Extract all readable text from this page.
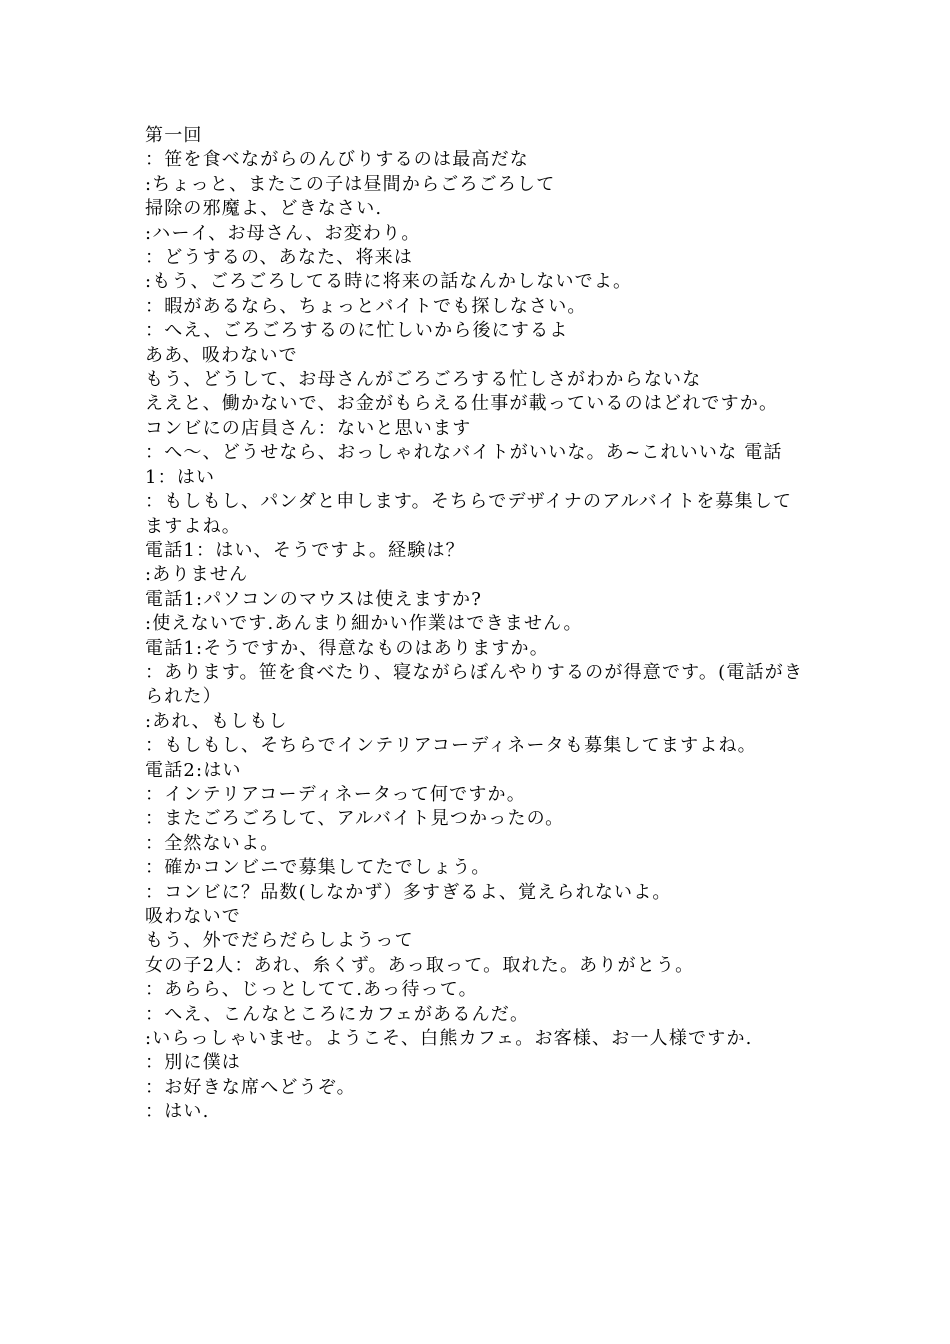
第一回

：笹を食べながらのんびりするのは最高だな

:ちょっと、またこの子は昼間からごろごろして

掃除の邪魔よ、どきなさい.

:ハーイ、お母さん、お変わり。

：どうするの、あなた、将来は

:もう、ごろごろしてる時に将来の話なんかしないでよ。

：暇があるなら、ちょっとバイトでも探しなさい。

：へえ、ごろごろするのに忙しいから後にするよ

ああ、吸わないで

もう、どうして、お母さんがごろごろする忙しさがわからないな

ええと、働かないで、お金がもらえる仕事が載っているのはどれですか。

コンビにの店員さん：ないと思います

：へ～、どうせなら、おっしゃれなバイトがいいな。あ~これいいな 電話1：はい

：もしもし、パンダと申します。そちらでデザイナのアルバイトを募集してますよね。

電話1：はい、そうですよ。経験は？

:ありません

電話1:パソコンのマウスは使えますか?

:使えないです.あんまり細かい作業はできません。

電話1:そうですか、得意なものはありますか。

：あります。笹を食べたり、寝ながらぼんやりするのが得意です。(電話がきられた）

:あれ、もしもし

：もしもし、そちらでインテリアコーディネータも募集してますよね。

電話2:はい

：インテリアコーディネータって何ですか。

：またごろごろして、アルバイト見つかったの。

：全然ないよ。

：確かコンビニで募集してたでしょう。

：コンビに？品数(しなかず）多すぎるよ、覚えられないよ。

吸わないで

もう、外でだらだらしようって

女の子2人：あれ、糸くず。あっ取って。取れた。ありがとう。

：あらら、じっとしてて.あっ待って。

：へえ、こんなところにカフェがあるんだ。

:いらっしゃいませ。ようこそ、白熊カフェ。お客様、お一人様ですか.

：別に僕は

：お好きな席へどうぞ。

：はい.
